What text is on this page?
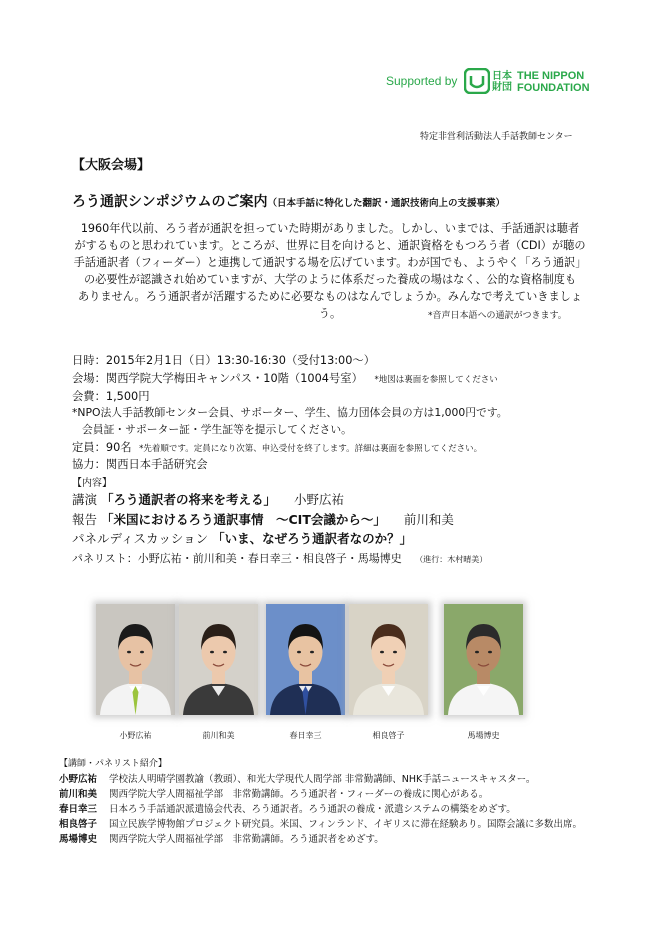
Supported by	日本
財団
THE NIPPON
FOUNDATION
特定非営利活動法人手話教師センター
【大阪会場】
ろう通訳シンポジウムのご案内（日本手話に特化した翻訳・通訳技術向上の支援事業）
1960年代以前、ろう者が通訳を担っていた時期がありました。しかし、いまでは、手話通訳は聴者
がするものと思われています。ところが、世界に目を向けると、通訳資格をもつろう者（CDI）が聴の
手話通訳者（フィーダー）と連携して通訳する場を広げています。わが国でも、ようやく「ろう通訳」
の必要性が認識され始めていますが、大学のように体系だった養成の場はなく、公的な資格制度も
ありません。ろう通訳者が活躍するために必要なものはなんでしょうか。みんなで考えていきましょう。	*音声日本語への通訳がつきます。
日時：2015年2月1日（日）13:30-16:30（受付13:00～）
会場：関西学院大学梅田キャンパス・10階（1004号室） *地図は裏面を参照してください
会費：1,500円
*NPO法人手話教師センター会員、サポーター、学生、協力団体会員の方は1,000円です。
会員証・サポーター証・学生証等を提示してください。
定員：90名 *先着順です。定員になり次第、申込受付を終了します。詳細は裏面を参照してください。
協力：関西日本手話研究会
【内容】
講演 「ろう通訳者の将来を考える」 小野広祐
報告 「米国におけるろう通訳事情　～CIT会議から～」 前川和美
パネルディスカッション 「いま、なぜろう通訳者なのか？」
パネリスト：小野広祐・前川和美・春日幸三・相良啓子・馬場博史 （進行：木村晴美）
小野広祐	前川和美	春日幸三	相良啓子	馬場博史
【講師・パネリスト紹介】
小野広祐 学校法人明晴学園教諭（教頭）、和光大学現代人間学部 非常勤講師、NHK手話ニュースキャスター。
前川和美 関西学院大学人間福祉学部　非常勤講師。ろう通訳者・フィーダーの養成に関心がある。
春日幸三 日本ろう手話通訳派遣協会代表、ろう通訳者。ろう通訳の養成・派遣システムの構築をめざす。
相良啓子 国立民族学博物館プロジェクト研究員。米国、フィンランド、イギリスに滞在経験あり。国際会議に多数出席。
馬場博史 関西学院大学人間福祉学部　非常勤講師。ろう通訳者をめざす。
